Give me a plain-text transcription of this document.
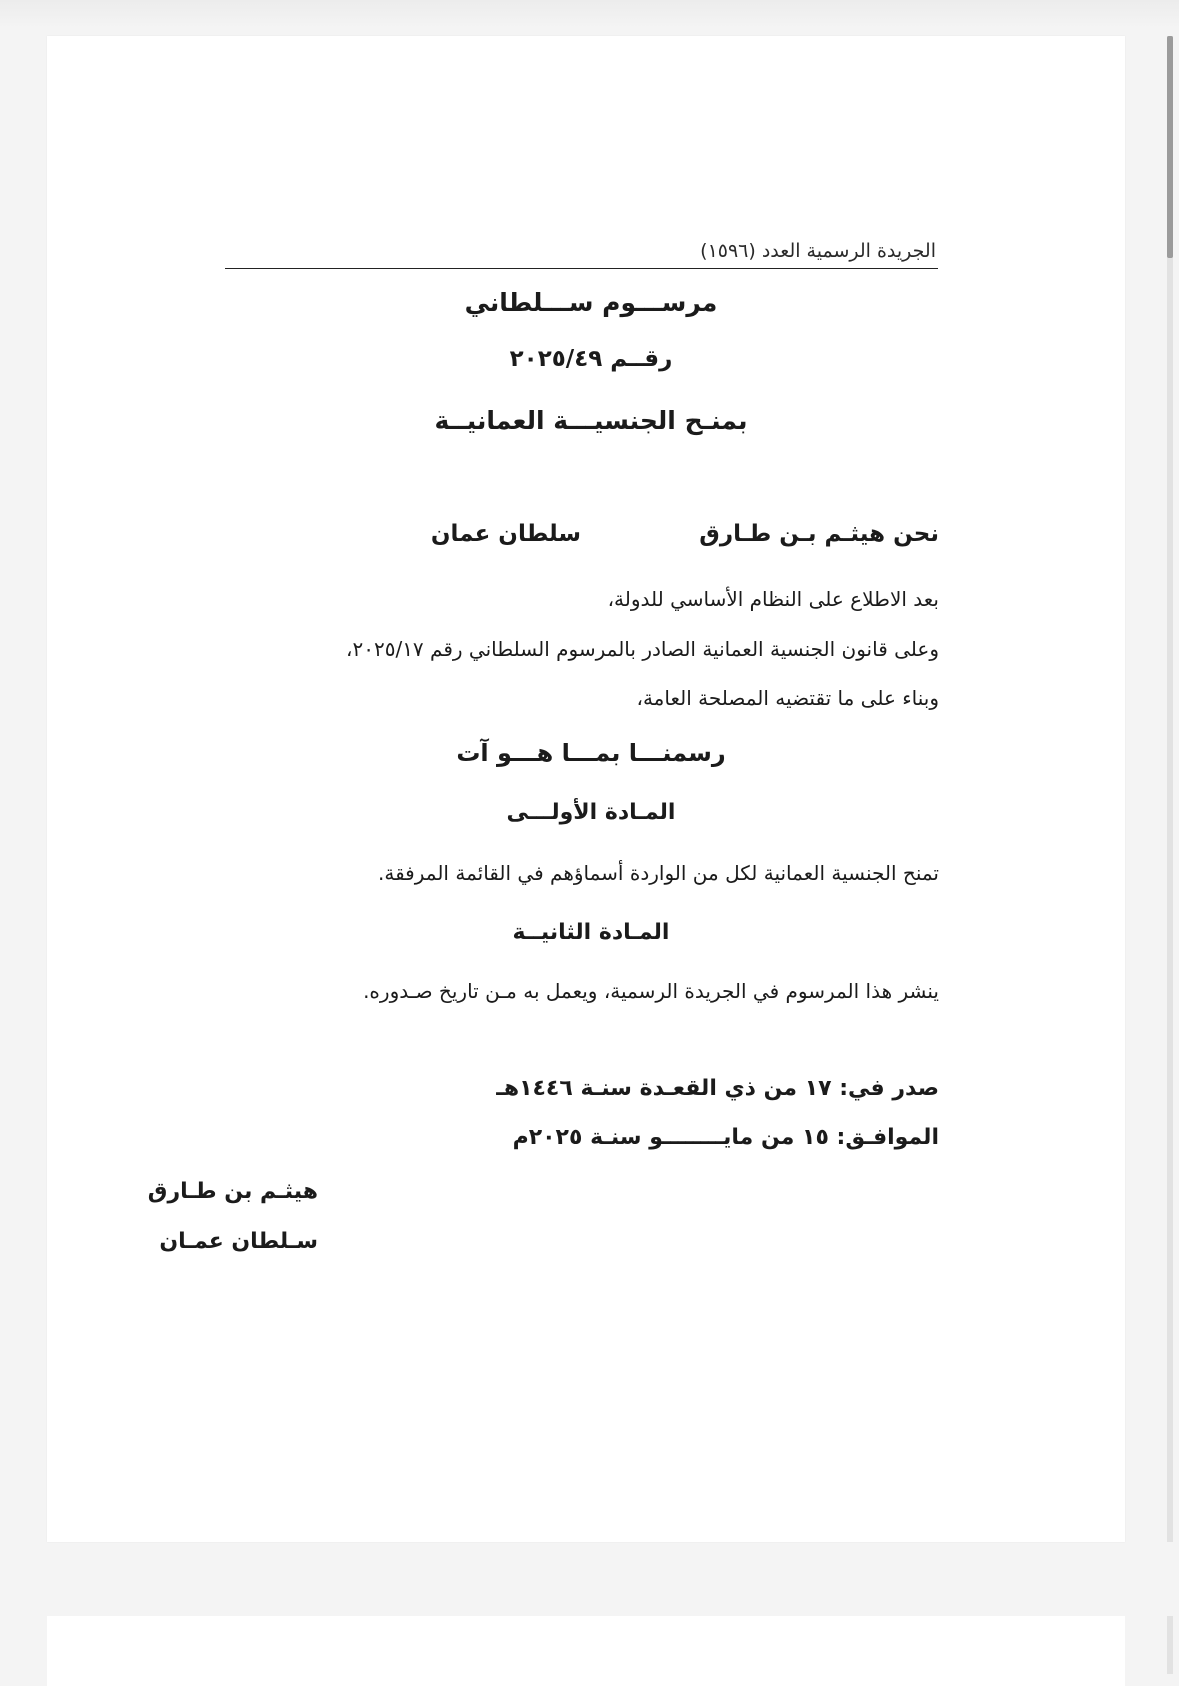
الجريدة الرسمية العدد (١٥٩٦)
مرســـوم ســـلطاني
رقــم ٢٠٢٥/٤٩
بمنـح الجنسيـــة العمانيــة
نحن هيثـم بـن طـارق
سلطان عمان
بعد الاطلاع على النظام الأساسي للدولة،
وعلى قانون الجنسية العمانية الصادر بالمرسوم السلطاني رقم ٢٠٢٥/١٧،
وبناء على ما تقتضيه المصلحة العامة،
رسمنـــا بمـــا هـــو آت
المـادة الأولـــى
تمنح الجنسية العمانية لكل من الواردة أسماؤهم في القائمة المرفقة.
المـادة الثانيــة
ينشر هذا المرسوم في الجريدة الرسمية، ويعمل به مـن تاريخ صـدوره.
صدر في: ١٧ من ذي القعـدة سنـة ١٤٤٦هـ
الموافـق: ١٥ من مايــــــــو سنـة ٢٠٢٥م
هيثـم بن طـارق
سـلطان عمـان
